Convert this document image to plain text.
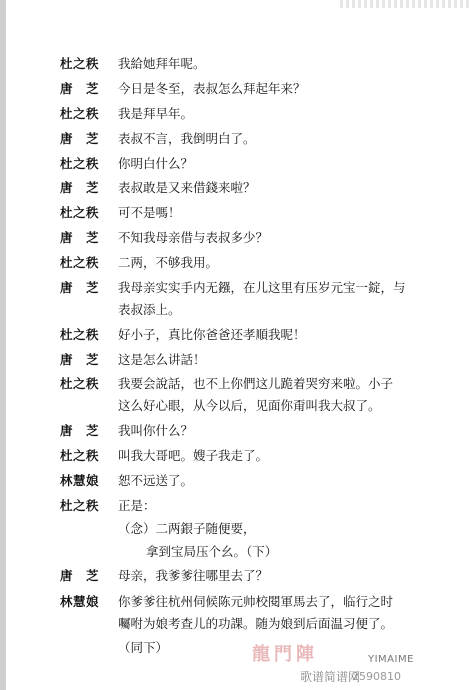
杜之秩	我給她拜年呢。
唐　芝	今日是冬至，表叔怎么拜起年来？
杜之秩	我是拜早年。
唐　芝	表叔不言，我倒明白了。
杜之秩	你明白什么？
唐　芝	表叔敢是又来借錢来啦？
杜之秩	可不是嗎！
唐　芝	不知我母亲借与表叔多少？
杜之秩	二两，不够我用。
唐　芝	我母亲实实手内无鏹，在儿这里有压岁元宝一錠，与
表叔添上。
杜之秩	好小子，真比你爸爸还孝順我呢！
唐　芝	这是怎么讲話！
杜之秩	我要会說話，也不上你們这儿跪着哭穷来啦。小子
这么好心眼，从今以后，见面你甭叫我大叔了。
唐　芝	我叫你什么？
杜之秩	叫我大哥吧。嫂子我走了。
林慧娘	恕不远送了。
杜之秩	正是：
（念）二两銀子随便要，
拿到宝局压个幺。（下）
唐　芝	母亲，我爹爹往哪里去了？
林慧娘	你爹爹往杭州伺候陈元帅校閱軍馬去了，临行之时
囑咐为娘考查儿的功課。随为娘到后面温习便了。
（同下）	龍門陣	YIMAIME
歌谱简谱网
2590810
